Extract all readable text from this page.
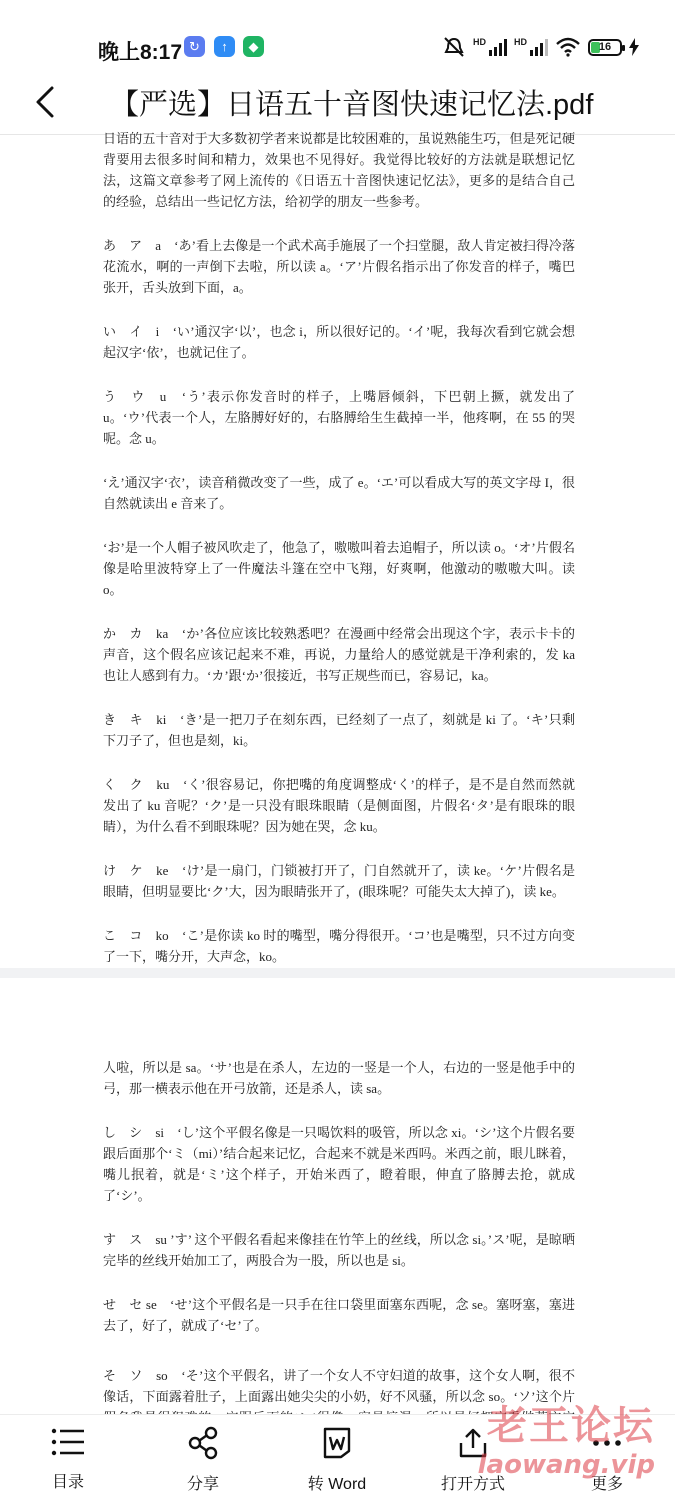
晚上8:17 ↻	↑	◆	HD	HD	16
【严选】日语五十音图快速记忆法.pdf

日语的五十音对于大多数初学者来说都是比较困难的，虽说熟能生巧，但是死记硬背要用去很多时间和精力，效果也不见得好。我觉得比较好的方法就是联想记忆法，这篇文章参考了网上流传的《日语五十音图快速记忆法》，更多的是结合自己的经验，总结出一些记忆方法，给初学的朋友一些参考。

あ　ア　a　‘あ’看上去像是一个武术高手施展了一个扫堂腿，敌人肯定被扫得冷落花流水，啊的一声倒下去啦，所以读 a。‘ア’片假名指示出了你发音的样子，嘴巴张开，舌头放到下面，a。

い　イ　i　‘い’通汉字‘以’，也念 i，所以很好记的。‘イ’呢，我每次看到它就会想起汉字‘依’，也就记住了。

う　ウ　u　‘う’表示你发音时的样子，上嘴唇倾斜，下巴朝上撅，就发出了 u。‘ウ’代表一个人，左胳膊好好的，右胳膊给生生截掉一半，他疼啊，在 55 的哭呢。念 u。

‘え’通汉字‘衣’，读音稍微改变了一些，成了 e。‘エ’可以看成大写的英文字母 I，很自然就读出 e 音来了。

‘お’是一个人帽子被风吹走了，他急了，嗷嗷叫着去追帽子，所以读 o。‘オ’片假名像是哈里波特穿上了一件魔法斗篷在空中飞翔，好爽啊，他激动的嗷嗷大叫。读 o。

か　カ　ka　‘か’各位应该比较熟悉吧？在漫画中经常会出现这个字，表示卡卡的声音，这个假名应该记起来不难，再说，力量给人的感觉就是干净利索的，发 ka 也让人感到有力。‘カ’跟‘か’很接近，书写正规些而已，容易记，ka。

き　キ　ki　‘き’是一把刀子在刻东西，已经刻了一点了，刻就是 ki 了。‘キ’只剩下刀子了，但也是刻，ki。

く　ク　ku　‘く’很容易记，你把嘴的角度调整成‘く’的样子，是不是自然而然就发出了 ku 音呢？‘ク’是一只没有眼珠眼睛（是侧面图，片假名‘タ’是有眼珠的眼睛），为什么看不到眼珠呢？因为她在哭，念 ku。

け　ケ　ke　‘け’是一扇门，门锁被打开了，门自然就开了，读 ke。‘ケ’片假名是眼睛，但明显要比‘ク’大，因为眼睛张开了，(眼珠呢？可能失太大掉了)，读 ke。

こ　コ　ko　‘こ’是你读 ko 时的嘴型，嘴分得很开。‘コ’也是嘴型，只不过方向变了一下，嘴分开，大声念，ko。

人啦，所以是 sa。‘サ’也是在杀人，左边的一竖是一个人，右边的一竖是他手中的弓，那一横表示他在开弓放箭，还是杀人，读 sa。

し　シ　si　‘し’这个平假名像是一只喝饮料的吸管，所以念 xi。‘シ’这个片假名要跟后面那个‘ミ（mi）’结合起来记忆，合起来不就是米西吗。米西之前，眼儿眯着，嘴儿抿着，就是‘ミ’这个样子，开始米西了，瞪着眼，伸直了胳膊去抢，就成了‘シ’。

す　ス　su ’す’ 这个平假名看起来像挂在竹竿上的丝线，所以念 si。’ス’呢，是晾晒完毕的丝线开始加工了，两股合为一股，所以也是 si。

せ　セ se　‘せ’这个平假名是一只手在往口袋里面塞东西呢，念 se。塞呀塞，塞进去了，好了，就成了‘セ’了。

そ　ソ　so　‘そ’这个平假名，讲了一个女人不守妇道的故事，这个女人啊，很不像话，下面露着肚子，上面露出她尖尖的小奶，好不风骚，所以念 so。‘ソ’这个片

目录	分享	转 Word	打开方式	更多
老王论坛
laowang.vip
